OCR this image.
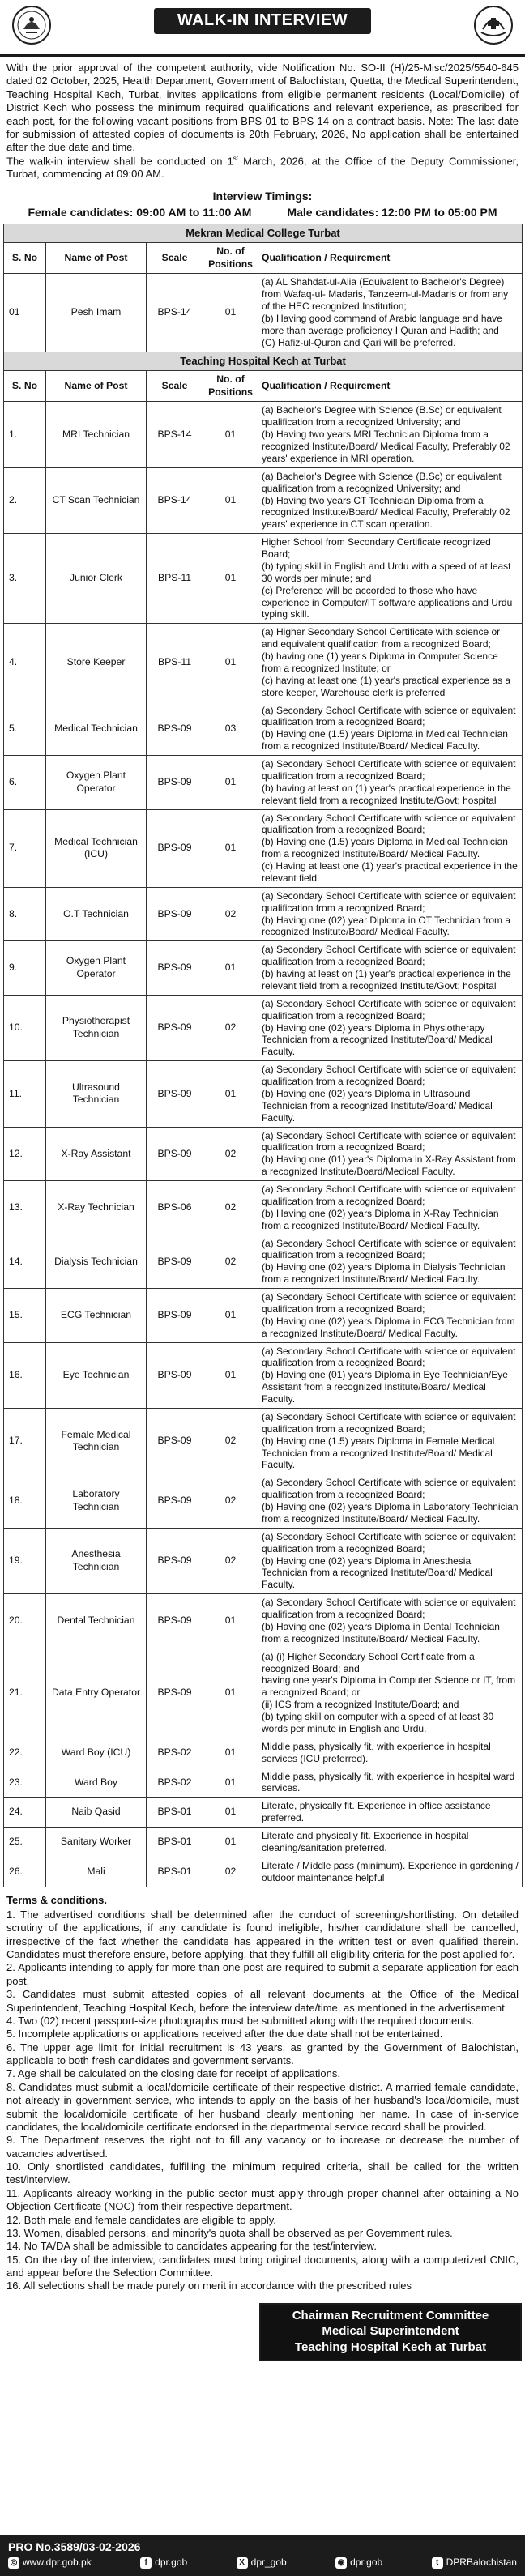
WALK-IN INTERVIEW

With the prior approval of the competent authority, vide Notification No. SO-II (H)/25-Misc/2025/5540-645 dated 02 October, 2025, Health Department, Government of Balochistan, Quetta, the Medical Superintendent, Teaching Hospital Kech, Turbat, invites applications from eligible permanent residents (Local/Domicile) of District Kech who possess the minimum required qualifications and relevant experience, as prescribed for each post, for the following vacant positions from BPS-01 to BPS-14 on a contract basis. Note: The last date for submission of attested copies of documents is 20th February, 2026, No application shall be entertained after the due date and time.

The walk-in interview shall be conducted on 1st March, 2026, at the Office of the Deputy Commissioner, Turbat, commencing at 09:00 AM.

Interview Timings:
Female candidates: 09:00 AM to 11:00 AM	Male candidates: 12:00 PM to 05:00 PM
Mekran Medical College Turbat				
S. No	Name of Post	Scale	No. of Positions	Qualification / Requirement
01	Pesh Imam	BPS-14	01	(a) AL Shahdat-ul-Alia (Equivalent to Bachelor's Degree) from Wafaq-ul- Madaris, Tanzeem-ul-Madaris or from any of the HEC recognized Institution;
(b) Having good command of Arabic language and have more than average proficiency I Quran and Hadith; and
(C) Hafiz-ul-Quran and Qari will be preferred.

Teaching Hospital Kech at Turbat				
S. No	Name of Post	Scale	No. of Positions	Qualification / Requirement
1.	MRI Technician	BPS-14	01	(a) Bachelor's Degree with Science (B.Sc) or equivalent qualification from a recognized University; and
(b) Having two years MRI Technician Diploma from a recognized Institute/Board/ Medical Faculty, Preferably 02 years' experience in MRI operation.

2.	CT Scan Technician	BPS-14	01	(a) Bachelor's Degree with Science (B.Sc) or equivalent qualification from a recognized University; and
(b) Having two years CT Technician Diploma from a recognized Institute/Board/ Medical Faculty, Preferably 02 years' experience in CT scan operation.

3.	Junior Clerk	BPS-11	01	Higher School from Secondary Certificate recognized Board;
(b) typing skill in English and Urdu with a speed of at least 30 words per minute; and
(c) Preference will be accorded to those who have experience in Computer/IT software applications and Urdu typing skill.

4.	Store Keeper	BPS-11	01	(a) Higher Secondary School Certificate with science or and equivalent qualification from a recognized Board;
(b) having one (1) year's Diploma in Computer Science from a recognized Institute; or
(c) having at least one (1) year's practical experience as a store keeper, Warehouse clerk is preferred

5.	Medical Technician	BPS-09	03	(a) Secondary School Certificate with science or equivalent qualification from a recognized Board;
(b) Having one (1.5) years Diploma in Medical Technician from a recognized Institute/Board/ Medical Faculty.

6.	Oxygen Plant Operator	BPS-09	01	(a) Secondary School Certificate with science or equivalent qualification from a recognized Board;
(b) having at least on (1) year's practical experience in the relevant field from a recognized Institute/Govt; hospital

7.	Medical Technician (ICU)	BPS-09	01	(a) Secondary School Certificate with science or equivalent qualification from a recognized Board;
(b) Having one (1.5) years Diploma in Medical Technician from a recognized Institute/Board/ Medical Faculty.
(c) Having at least one (1) year's practical experience in the relevant field.

8.	O.T Technician	BPS-09	02	(a) Secondary School Certificate with science or equivalent qualification from a recognized Board;
(b) Having one (02) year Diploma in OT Technician from a recognized Institute/Board/ Medical Faculty.

9.	Oxygen Plant Operator	BPS-09	01	(a) Secondary School Certificate with science or equivalent qualification from a recognized Board;
(b) having at least on (1) year's practical experience in the relevant field from a recognized Institute/Govt; hospital

10.	Physiotherapist Technician	BPS-09	02	(a) Secondary School Certificate with science or equivalent qualification from a recognized Board;
(b) Having one (02) years Diploma in Physiotherapy Technician from a recognized Institute/Board/ Medical Faculty.

11.	Ultrasound Technician	BPS-09	01	(a) Secondary School Certificate with science or equivalent qualification from a recognized Board;
(b) Having one (02) years Diploma in Ultrasound Technician from a recognized Institute/Board/ Medical Faculty.

12.	X-Ray Assistant	BPS-09	02	(a) Secondary School Certificate with science or equivalent qualification from a recognized Board;
(b) Having one (01) year's Diploma in X-Ray Assistant from a recognized Institute/Board/Medical Faculty.

13.	X-Ray Technician	BPS-06	02	(a) Secondary School Certificate with science or equivalent qualification from a recognized Board;
(b) Having one (02) years Diploma in X-Ray Technician from a recognized Institute/Board/ Medical Faculty.

14.	Dialysis Technician	BPS-09	02	(a) Secondary School Certificate with science or equivalent qualification from a recognized Board;
(b) Having one (02) years Diploma in Dialysis Technician from a recognized Institute/Board/ Medical Faculty.

15.	ECG Technician	BPS-09	01	(a) Secondary School Certificate with science or equivalent qualification from a recognized Board;
(b) Having one (02) years Diploma in ECG Technician from a recognized Institute/Board/ Medical Faculty.

16.	Eye Technician	BPS-09	01	(a) Secondary School Certificate with science or equivalent qualification from a recognized Board;
(b) Having one (01) years Diploma in Eye Technician/Eye Assistant from a recognized Institute/Board/ Medical Faculty.

17.	Female Medical Technician	BPS-09	02	(a) Secondary School Certificate with science or equivalent qualification from a recognized Board;
(b) Having one (1.5) years Diploma in Female Medical Technician from a recognized Institute/Board/ Medical Faculty.

18.	Laboratory Technician	BPS-09	02	(a) Secondary School Certificate with science or equivalent qualification from a recognized Board;
(b) Having one (02) years Diploma in Laboratory Technician from a recognized Institute/Board/ Medical Faculty.

19.	Anesthesia Technician	BPS-09	02	(a) Secondary School Certificate with science or equivalent qualification from a recognized Board;
(b) Having one (02) years Diploma in Anesthesia Technician from a recognized Institute/Board/ Medical Faculty.

20.	Dental Technician	BPS-09	01	(a) Secondary School Certificate with science or equivalent qualification from a recognized Board;
(b) Having one (02) years Diploma in Dental Technician from a recognized Institute/Board/ Medical Faculty.

21.	Data Entry Operator	BPS-09	01	(a) (i) Higher Secondary School Certificate from a recognized Board; and
having one year's Diploma in Computer Science or IT, from a recognized Board; or
(ii) ICS from a recognized Institute/Board; and
(b) typing skill on computer with a speed of at least 30 words per minute in English and Urdu.

22.	Ward Boy (ICU)	BPS-02	01	Middle pass, physically fit, with experience in hospital services (ICU preferred).

23.	Ward Boy	BPS-02	01	Middle pass, physically fit, with experience in hospital ward services.

24.	Naib Qasid	BPS-01	01	Literate, physically fit. Experience in office assistance preferred.

25.	Sanitary Worker	BPS-01	01	Literate and physically fit. Experience in hospital cleaning/sanitation preferred.

26.	Mali	BPS-01	02	Literate / Middle pass (minimum). Experience in gardening / outdoor maintenance helpful
Terms & conditions.
1. The advertised conditions shall be determined after the conduct of screening/shortlisting. On detailed scrutiny of the applications, if any candidate is found ineligible, his/her candidature shall be cancelled, irrespective of the fact whether the candidate has appeared in the written test or even qualified therein. Candidates must therefore ensure, before applying, that they fulfill all eligibility criteria for the post applied for.
2. Applicants intending to apply for more than one post are required to submit a separate application for each post.
3. Candidates must submit attested copies of all relevant documents at the Office of the Medical Superintendent, Teaching Hospital Kech, before the interview date/time, as mentioned in the advertisement.
4. Two (02) recent passport-size photographs must be submitted along with the required documents.
5. Incomplete applications or applications received after the due date shall not be entertained.
6. The upper age limit for initial recruitment is 43 years, as granted by the Government of Balochistan, applicable to both fresh candidates and government servants.
7. Age shall be calculated on the closing date for receipt of applications.
8. Candidates must submit a local/domicile certificate of their respective district. A married female candidate, not already in government service, who intends to apply on the basis of her husband's local/domicile, must submit the local/domicile certificate of her husband clearly mentioning her name. In case of in-service candidates, the local/domicile certificate endorsed in the departmental service record shall be provided.
9. The Department reserves the right not to fill any vacancy or to increase or decrease the number of vacancies advertised.
10. Only shortlisted candidates, fulfilling the minimum required criteria, shall be called for the written test/interview.
11. Applicants already working in the public sector must apply through proper channel after obtaining a No Objection Certificate (NOC) from their respective department.
12. Both male and female candidates are eligible to apply.
13. Women, disabled persons, and minority's quota shall be observed as per Government rules.
14. No TA/DA shall be admissible to candidates appearing for the test/interview.
15. On the day of the interview, candidates must bring original documents, along with a computerized CNIC, and appear before the Selection Committee.
16. All selections shall be made purely on merit in accordance with the prescribed rules
Chairman Recruitment Committee
Medical Superintendent
Teaching Hospital Kech at Turbat
PRO No.3589/03-02-2026
◎ www.dpr.gob.pk	f dpr.gob	X dpr_gob	◉ dpr.gob	t DPRBalochistan
